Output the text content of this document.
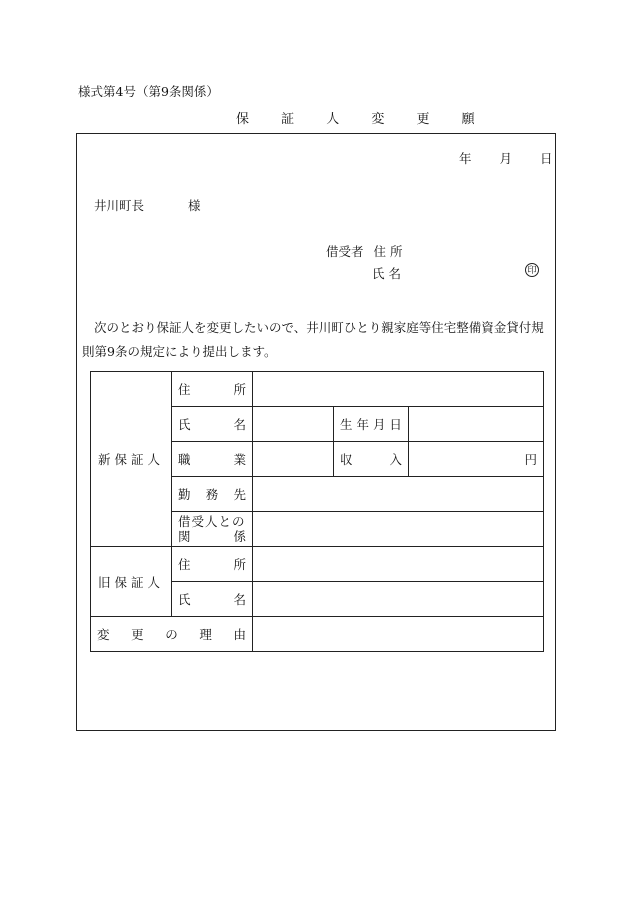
様式第4号（第9条関係）
保 証 人 変 更 願
年 月 日
井川町長	様
借受者 住 所
氏 名	印
次のとおり保証人を変更したいので、井川町ひとり親家庭等住宅整備資金貸付規則第9条の規定により提出します。
新保証人	住 所			

	氏 名		生 年 月 日	

	職 業		収 入	円

	勤 務 先			

	借受人との
関 係			

旧保証人	住 所			

	氏 名			

変 更 の 理 由				
